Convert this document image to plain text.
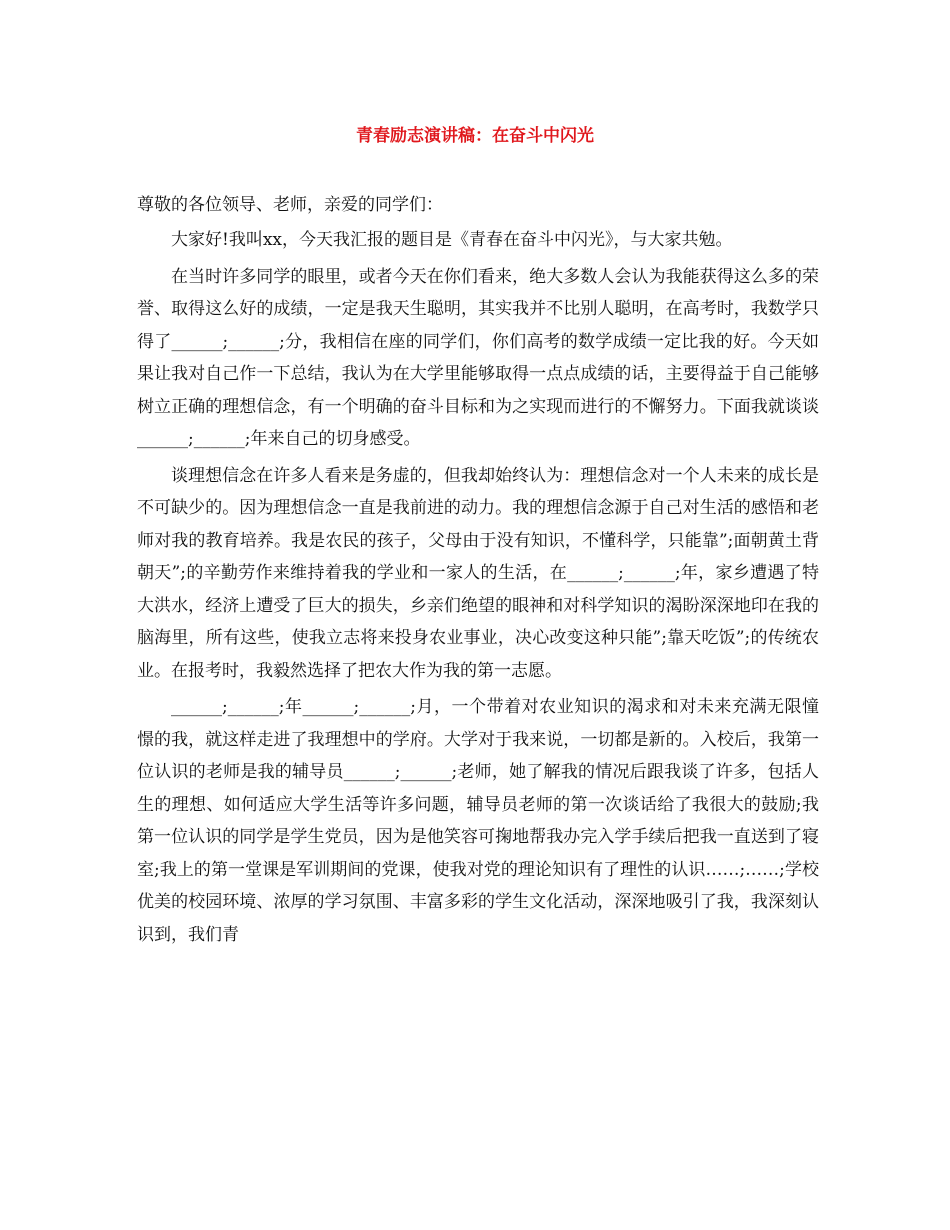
青春励志演讲稿：在奋斗中闪光

尊敬的各位领导、老师，亲爱的同学们：

大家好!我叫xx，今天我汇报的题目是《青春在奋斗中闪光》，与大家共勉。

在当时许多同学的眼里，或者今天在你们看来，绝大多数人会认为我能获得这么多的荣誉、取得这么好的成绩，一定是我天生聪明，其实我并不比别人聪明，在高考时，我数学只得了______;______;分，我相信在座的同学们，你们高考的数学成绩一定比我的好。今天如果让我对自己作一下总结，我认为在大学里能够取得一点点成绩的话，主要得益于自己能够树立正确的理想信念，有一个明确的奋斗目标和为之实现而进行的不懈努力。下面我就谈谈______;______;年来自己的切身感受。

谈理想信念在许多人看来是务虚的，但我却始终认为：理想信念对一个人未来的成长是不可缺少的。因为理想信念一直是我前进的动力。我的理想信念源于自己对生活的感悟和老师对我的教育培养。我是农民的孩子，父母由于没有知识，不懂科学，只能靠”;面朝黄土背朝天”;的辛勤劳作来维持着我的学业和一家人的生活，在______;______;年，家乡遭遇了特大洪水，经济上遭受了巨大的损失，乡亲们绝望的眼神和对科学知识的渴盼深深地印在我的脑海里，所有这些，使我立志将来投身农业事业，决心改变这种只能”;靠天吃饭”;的传统农业。在报考时，我毅然选择了把农大作为我的第一志愿。

______;______;年______;______;月，一个带着对农业知识的渴求和对未来充满无限憧憬的我，就这样走进了我理想中的学府。大学对于我来说，一切都是新的。入校后，我第一位认识的老师是我的辅导员______;______;老师，她了解我的情况后跟我谈了许多，包括人生的理想、如何适应大学生活等许多问题，辅导员老师的第一次谈话给了我很大的鼓励;我第一位认识的同学是学生党员，因为是他笑容可掬地帮我办完入学手续后把我一直送到了寝室;我上的第一堂课是军训期间的党课，使我对党的理论知识有了理性的认识……;……;学校优美的校园环境、浓厚的学习氛围、丰富多彩的学生文化活动，深深地吸引了我，我深刻认识到，我们青
